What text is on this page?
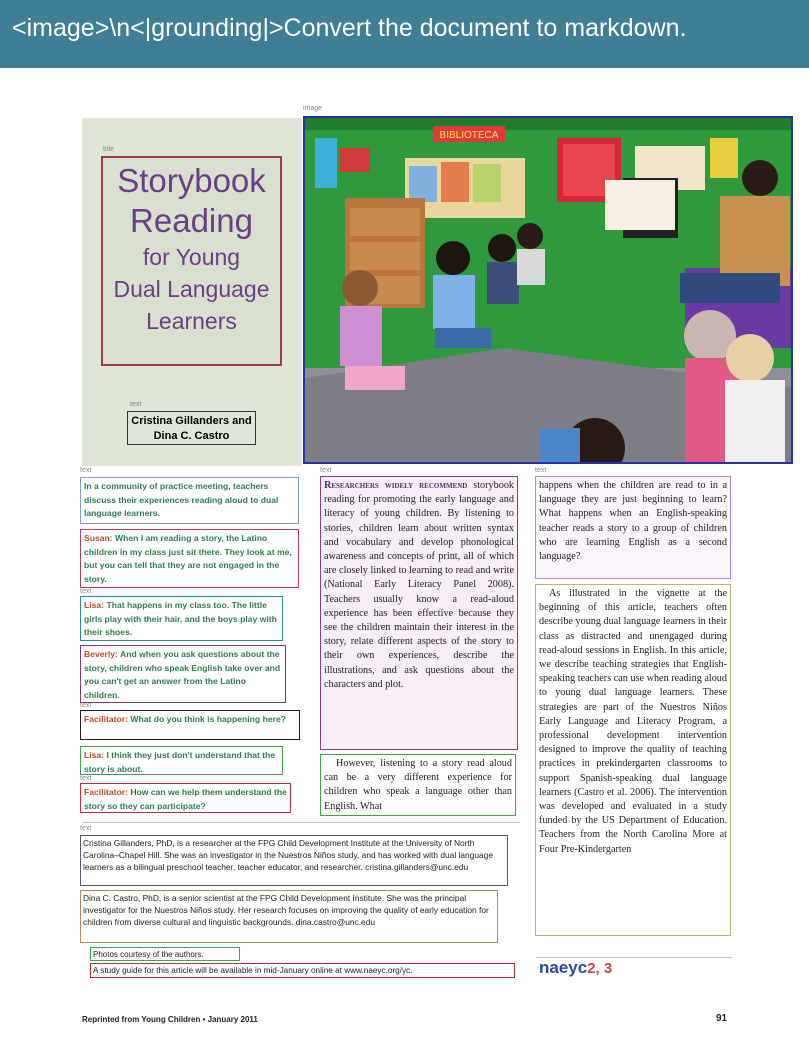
<image>\n<|grounding|>Convert the document to markdown.
image
title
Storybook
Reading
for Young
Dual Language
Learners
text
Cristina Gillanders and
Dina C. Castro
BIBLIOTECA
text
In a community of practice meeting, teachers discuss their experiences reading aloud to dual language learners.
Susan: When I am reading a story, the Latino children in my class just sit there. They look at me, but you can tell that they are not engaged in the story.
text
Lisa: That happens in my class too. The little girls play with their hair, and the boys play with their shoes.
Beverly: And when you ask questions about the story, children who speak English take over and you can't get an answer from the Latino children.
text
Facilitator: What do you think is happening here?
Lisa: I think they just don't understand that the story is about.
text
Facilitator: How can we help them understand the story so they can participate?
text
Researchers widely recommend storybook reading for promoting the early language and literacy of young children. By listening to stories, children learn about written syntax and vocabulary and develop phonological awareness and concepts of print, all of which are closely linked to learning to read and write (National Early Literacy Panel 2008). Teachers usually know a read-aloud experience has been effective because they see the children maintain their interest in the story, relate different aspects of the story to their own experiences, describe the illustrations, and ask questions about the characters and plot.
However, listening to a story read aloud can be a very different experience for children who speak a language other than English. What
text
happens when the children are read to in a language they are just beginning to learn? What happens when an English-speaking teacher reads a story to a group of children who are learning English as a second language?
As illustrated in the vignette at the beginning of this article, teachers often describe young dual language learners in their class as distracted and unengaged during read-aloud sessions in English. In this article, we describe teaching strategies that English-speaking teachers can use when reading aloud to young dual language learners. These strategies are part of the Nuestros Niños Early Language and Literacy Program, a professional development intervention designed to improve the quality of teaching practices in prekindergarten classrooms to support Spanish-speaking dual language learners (Castro et al. 2006). The intervention was developed and evaluated in a study funded by the US Department of Education. Teachers from the North Carolina More at Four Pre-Kindergarten
text
Cristina Gillanders, PhD, is a researcher at the FPG Child Development Institute at the University of North Carolina–Chapel Hill. She was an investigator in the Nuestros Niños study, and has worked with dual language learners as a bilingual preschool teacher, teacher educator, and researcher. cristina.gillanders@unc.edu
Dina C. Castro, PhD, is a senior scientist at the FPG Child Development Institute. She was the principal investigator for the Nuestros Niños study. Her research focuses on improving the quality of early education for children from diverse cultural and linguistic backgrounds. dina.castro@unc.edu
Photos courtesy of the authors.
A study guide for this article will be available in mid-January online at www.naeyc.org/yc.	naeyc2, 3
Reprinted from Young Children • January 2011	91
